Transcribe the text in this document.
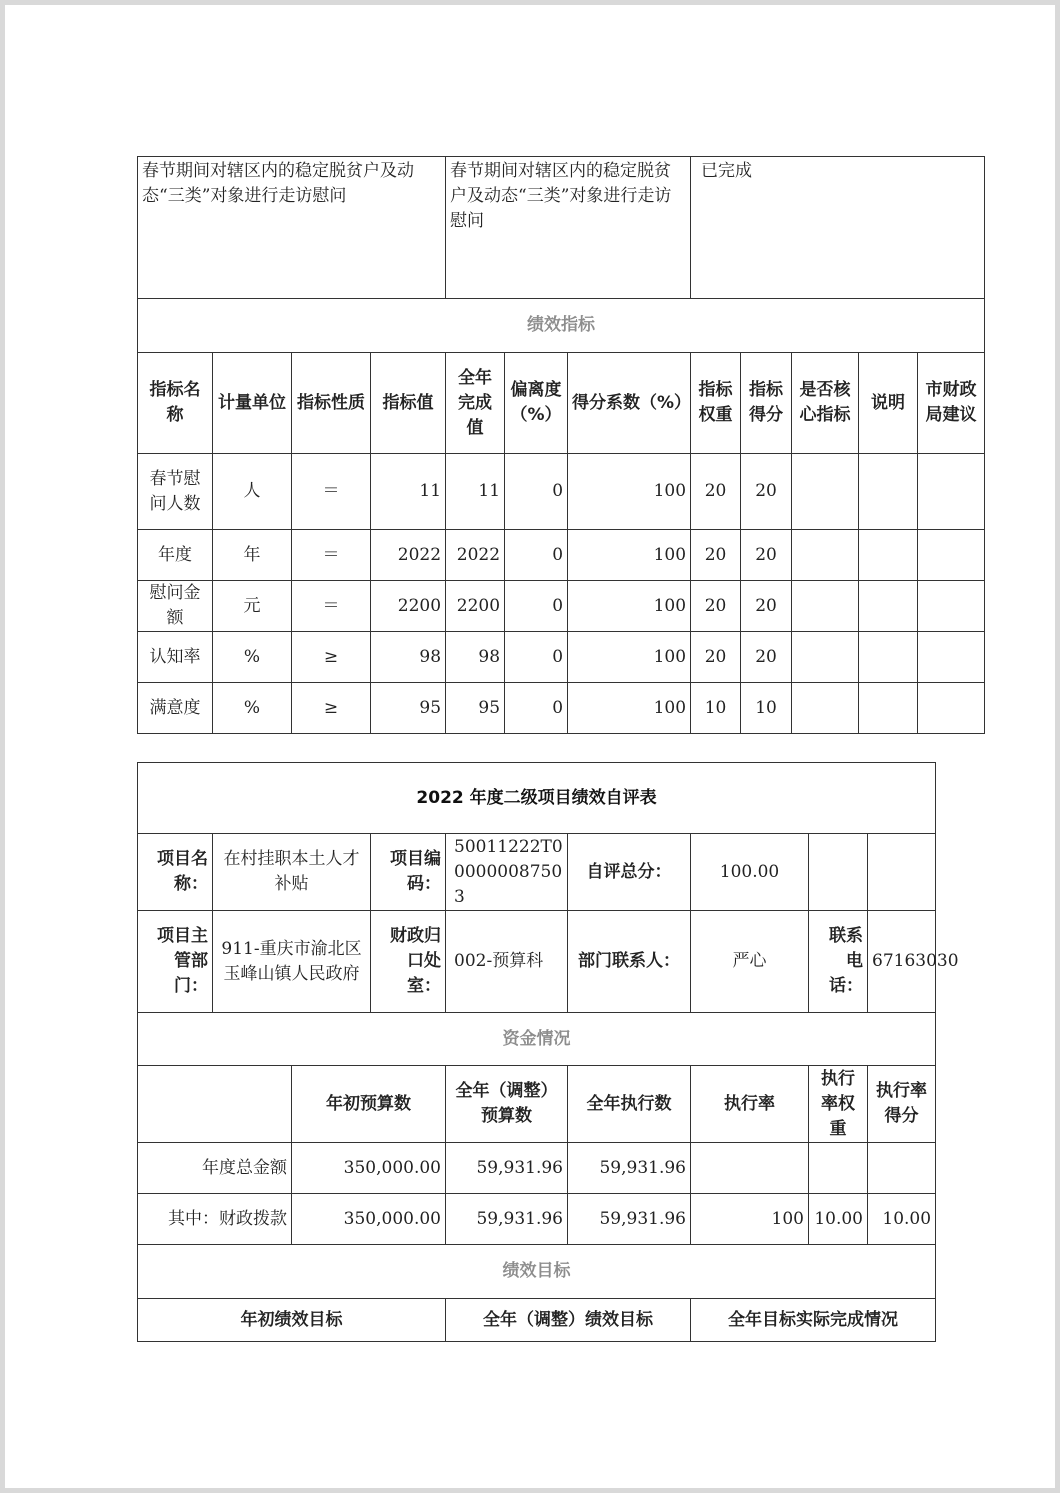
春节期间对辖区内的稳定脱贫户及动态“三类”对象进行走访慰问				春节期间对辖区内的稳定脱贫户及动态“三类”对象进行走访慰问			已完成				
绩效指标											
指标名称	计量单位	指标性质	指标值	全年完成值	偏离度（%）	得分系数（%）	指标权重	指标得分	是否核心指标	说明	市财政局建议
春节慰问人数	人	＝	11	11	0	100	20	20			
年度	年	＝	2022	2022	0	100	20	20			
慰问金额	元	＝	2200	2200	0	100	20	20			
认知率	%	≥	98	98	0	100	20	20			
满意度	%	≥	95	95	0	100	10	10			
2022 年度二级项目绩效自评表								
项目名称：	在村挂职本土人才补贴		项目编码：	50011222T000000087503	自评总分：	100.00		
项目主管部门：	911-重庆市渝北区玉峰山镇人民政府		财政归口处室：	002-预算科	部门联系人：	严心	联系电话：	67163030
资金情况								
		年初预算数		全年（调整）预算数	全年执行数	执行率	执行率权重	执行率得分
年度总金额		350,000.00		59,931.96	59,931.96			
其中：财政拨款		350,000.00		59,931.96	59,931.96	100	10.00	10.00
绩效目标								
年初绩效目标				全年（调整）绩效目标		全年目标实际完成情况		
